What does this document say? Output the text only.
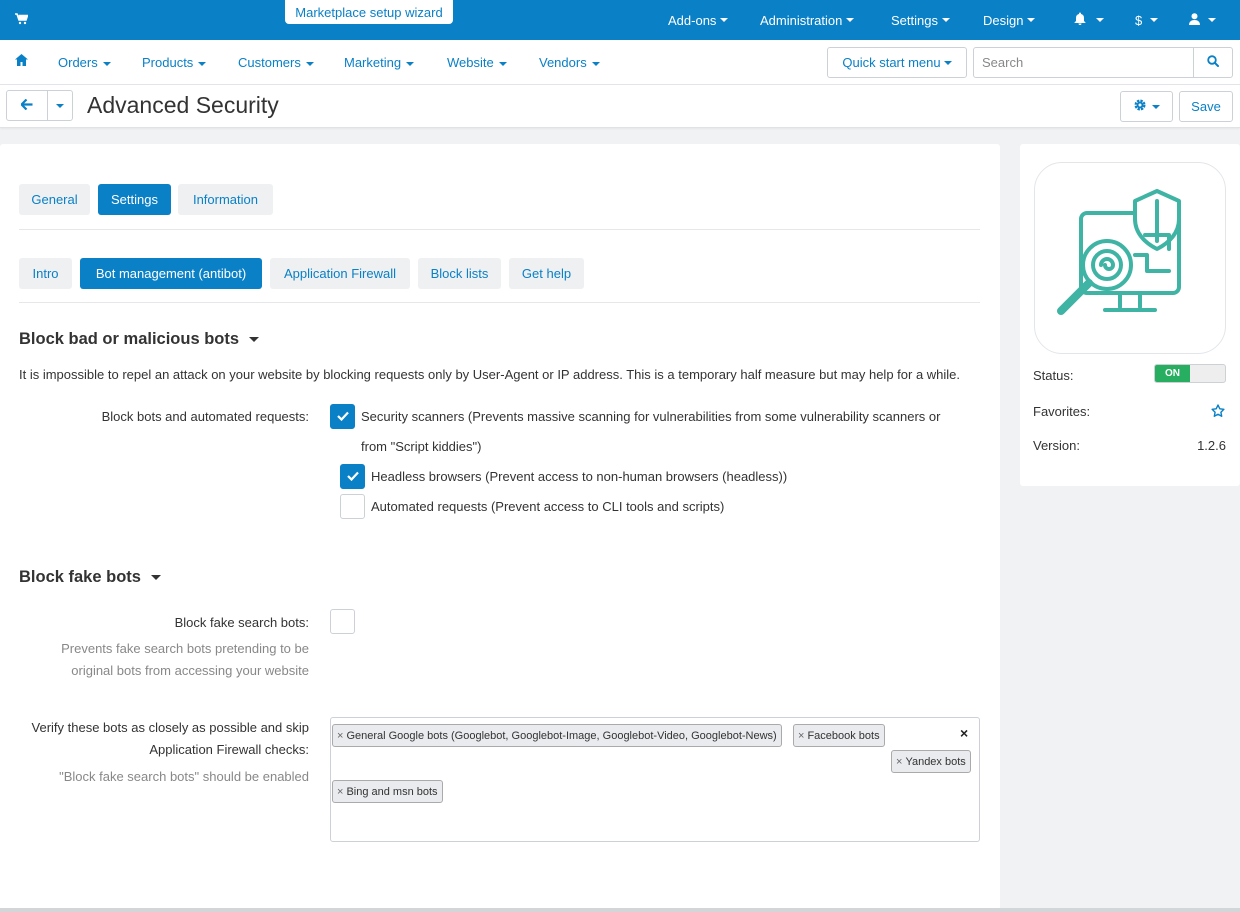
Marketplace setup wizard
Add-ons	Administration	Settings	Design	$
Orders	Products	Customers	Marketing	Website	Vendors	Quick start menu
Search
Advanced Security	Save
General	Settings	Information
Intro	Bot management (antibot)	Application Firewall	Block lists	Get help
Block bad or malicious bots
It is impossible to repel an attack on your website by blocking requests only by User-Agent or IP address. This is a temporary half measure but may help for a while.
Block bots and automated requests:	Security scanners (Prevents massive scanning for vulnerabilities from some vulnerability scanners or
from "Script kiddies")
Headless browsers (Prevent access to non-human browsers (headless))
Automated requests (Prevent access to CLI tools and scripts)
Block fake bots
Block fake search bots:
Prevents fake search bots pretending to be
original bots from accessing your website
Verify these bots as closely as possible and skip
Application Firewall checks:
"Block fake search bots" should be enabled
× General Google bots (Googlebot, Googlebot-Image, Googlebot-Video, Googlebot-News) × Facebook bots	×
× Yandex bots
× Bing and msn bots
Status:	ON
Favorites:
Version:	1.2.6
